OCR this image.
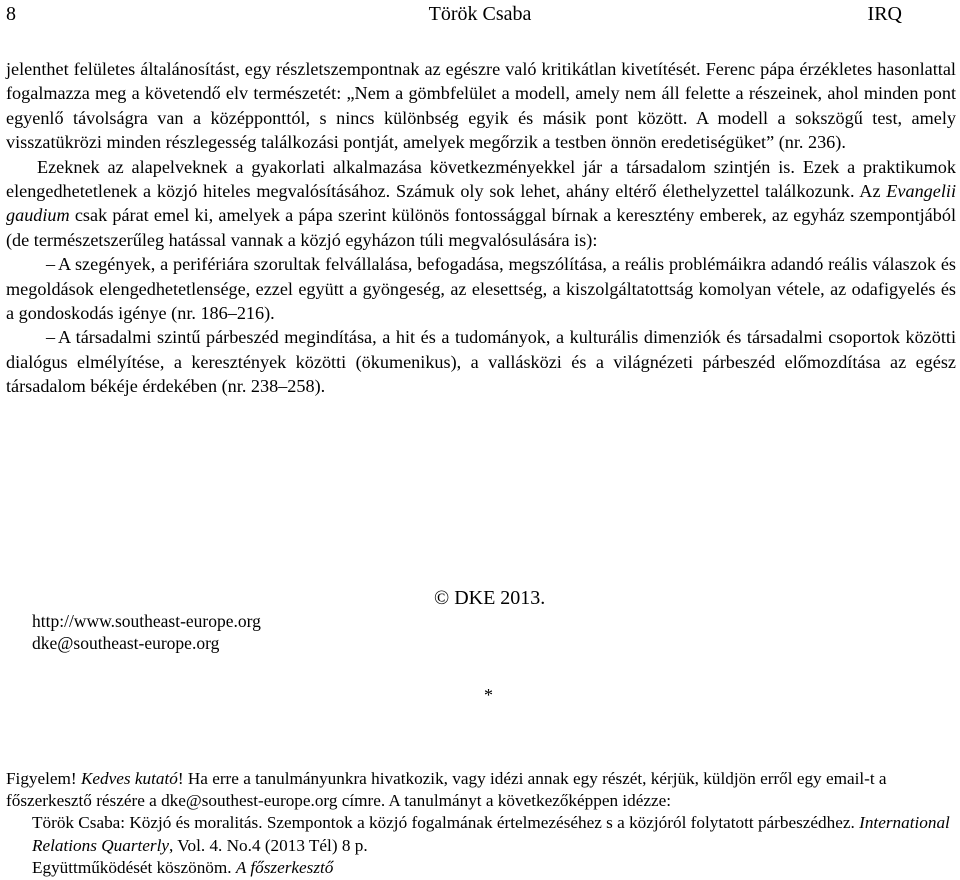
8	Török Csaba	IRQ

jelenthet felületes általánosítást, egy részletszempontnak az egészre való kritikátlan kivetítését. Ferenc pápa érzékletes hasonlattal fogalmazza meg a követendő elv természetét: „Nem a gömbfelület a modell, amely nem áll felette a részeinek, ahol minden pont egyenlő távolságra van a középponttól, s nincs különbség egyik és másik pont között. A modell a sokszögű test, amely visszatükrözi minden részlegesség találkozási pontját, amelyek megőrzik a testben önnön eredetiségüket” (nr. 236).

Ezeknek az alapelveknek a gyakorlati alkalmazása következményekkel jár a társadalom szintjén is. Ezek a praktikumok elengedhetetlenek a közjó hiteles megvalósításához. Számuk oly sok lehet, ahány eltérő élethelyzettel találkozunk. Az Evangelii gaudium csak párat emel ki, amelyek a pápa szerint különös fontossággal bírnak a keresztény emberek, az egyház szempontjából (de természetszerűleg hatással vannak a közjó egyházon túli megvalósulására is):

– A szegények, a perifériára szorultak felvállalása, befogadása, megszólítása, a reális problémáikra adandó reális válaszok és megoldások elengedhetetlensége, ezzel együtt a gyöngeség, az elesettség, a kiszolgáltatottság komolyan vétele, az odafigyelés és a gondoskodás igénye (nr. 186–216).

– A társadalmi szintű párbeszéd megindítása, a hit és a tudományok, a kulturális dimenziók és társadalmi csoportok közötti dialógus elmélyítése, a keresztények közötti (ökumenikus), a vallásközi és a világnézeti párbeszéd előmozdítása az egész társadalom békéje érdekében (nr. 238–258).

http://www.southeast-europe.org
dke@southeast-europe.org
© DKE 2013.
*

Figyelem! Kedves kutató! Ha erre a tanulmányunkra hivatkozik, vagy idézi annak egy részét, kérjük, küldjön erről egy email-t a főszerkesztő részére a dke@southest-europe.org címre. A tanulmányt a következőképpen idézze:

Török Csaba: Közjó és moralitás. Szempontok a közjó fogalmának értelmezéséhez s a közjóról folytatott párbeszédhez. International Relations Quarterly, Vol. 4. No.4 (2013 Tél) 8 p.

Együttműködését köszönöm. A főszerkesztő
